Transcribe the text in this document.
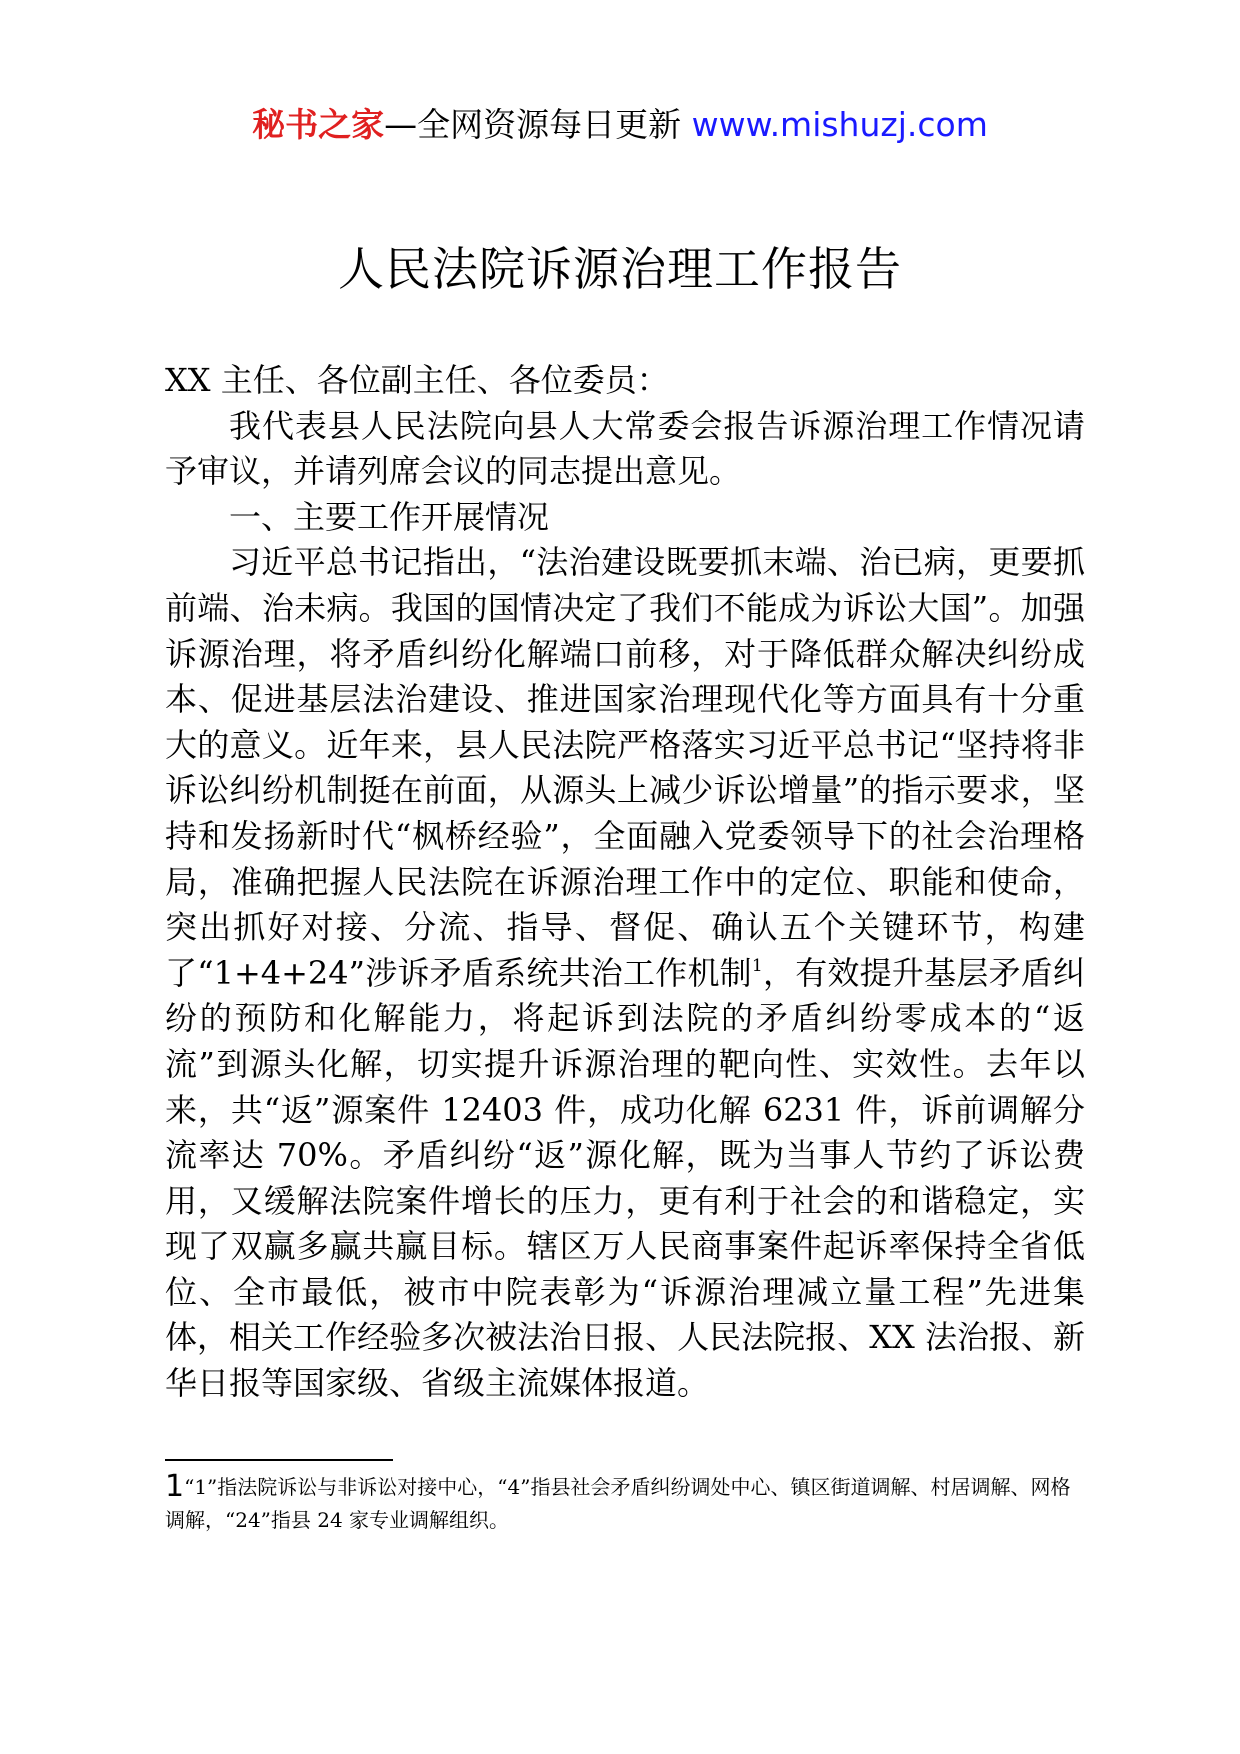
秘书之家—全网资源每日更新 www.mishuzj.com
人民法院诉源治理工作报告

XX 主任、各位副主任、各位委员：

我代表县人民法院向县人大常委会报告诉源治理工作情况请予审议，并请列席会议的同志提出意见。

一、主要工作开展情况

习近平总书记指出，“法治建设既要抓末端、治已病，更要抓前端、治未病。我国的国情决定了我们不能成为诉讼大国”。加强诉源治理，将矛盾纠纷化解端口前移，对于降低群众解决纠纷成本、促进基层法治建设、推进国家治理现代化等方面具有十分重大的意义。近年来，县人民法院严格落实习近平总书记“坚持将非诉讼纠纷机制挺在前面，从源头上减少诉讼增量”的指示要求，坚持和发扬新时代“枫桥经验”，全面融入党委领导下的社会治理格局，准确把握人民法院在诉源治理工作中的定位、职能和使命，突出抓好对接、分流、指导、督促、确认五个关键环节，构建了“1+4+24”涉诉矛盾系统共治工作机制$^1$，有效提升基层矛盾纠纷的预防和化解能力，将起诉到法院的矛盾纠纷零成本的“返流”到源头化解，切实提升诉源治理的靶向性、实效性。去年以来，共“返”源案件 12403 件，成功化解 6231 件，诉前调解分流率达 70%。矛盾纠纷“返”源化解，既为当事人节约了诉讼费用，又缓解法院案件增长的压力，更有利于社会的和谐稳定，实现了双赢多赢共赢目标。辖区万人民商事案件起诉率保持全省低位、全市最低，被市中院表彰为“诉源治理减立量工程”先进集体，相关工作经验多次被法治日报、人民法院报、XX 法治报、新华日报等国家级、省级主流媒体报道。

1“1”指法院诉讼与非诉讼对接中心，“4”指县社会矛盾纠纷调处中心、镇区街道调解、村居调解、网格调解，“24”指县 24 家专业调解组织。
